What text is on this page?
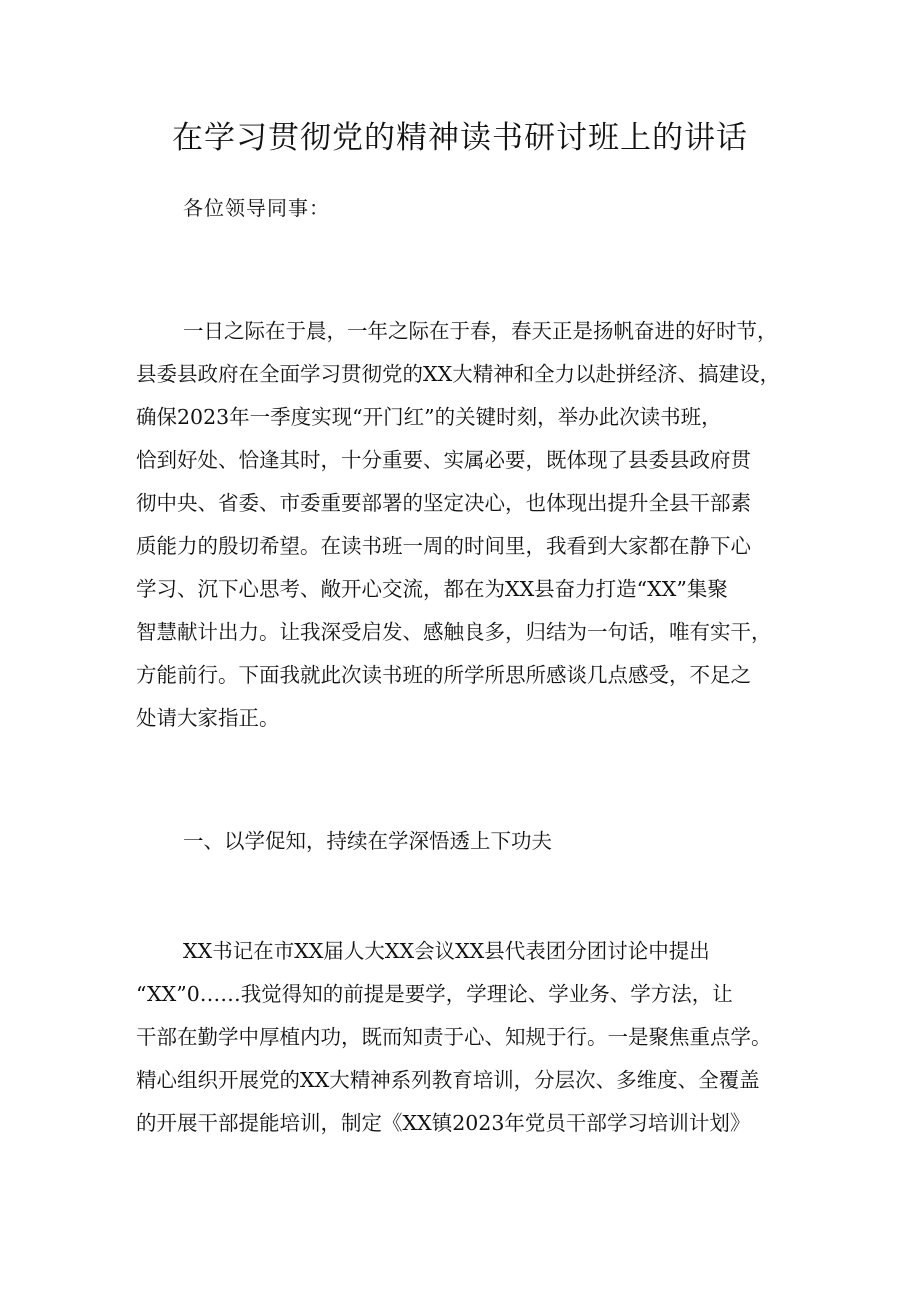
在学习贯彻党的精神读书研讨班上的讲话
各位领导同事：
一日之际在于晨，一年之际在于春，春天正是扬帆奋进的好时节，
县委县政府在全面学习贯彻党的XX大精神和全力以赴拼经济、搞建设，
确保2023年一季度实现“开门红”的关键时刻，举办此次读书班，
恰到好处、恰逢其时，十分重要、实属必要，既体现了县委县政府贯
彻中央、省委、市委重要部署的坚定决心，也体现出提升全县干部素
质能力的殷切希望。在读书班一周的时间里，我看到大家都在静下心
学习、沉下心思考、敞开心交流，都在为XX县奋力打造“XX”集聚
智慧献计出力。让我深受启发、感触良多，归结为一句话，唯有实干，
方能前行。下面我就此次读书班的所学所思所感谈几点感受，不足之
处请大家指正。
一、以学促知，持续在学深悟透上下功夫
XX书记在市XX届人大XX会议XX县代表团分团讨论中提出
“XX”0……我觉得知的前提是要学，学理论、学业务、学方法，让
干部在勤学中厚植内功，既而知责于心、知规于行。一是聚焦重点学。
精心组织开展党的XX大精神系列教育培训，分层次、多维度、全覆盖
的开展干部提能培训，制定《XX镇2023年党员干部学习培训计划》
